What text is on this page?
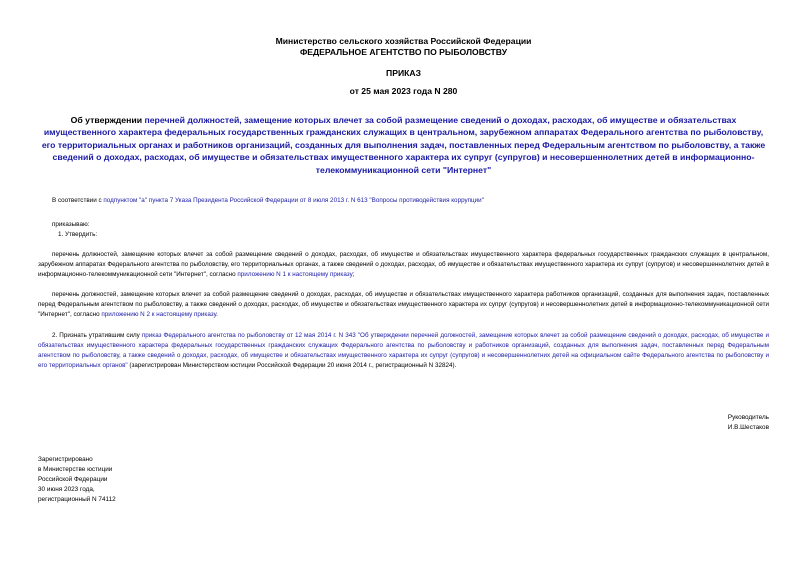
Министерство сельского хозяйства Российской Федерации
ФЕДЕРАЛЬНОЕ АГЕНТСТВО ПО РЫБОЛОВСТВУ
ПРИКАЗ
от 25 мая 2023 года N 280
Об утверждении перечней должностей, замещение которых влечет за собой размещение сведений о доходах, расходах, об имуществе и обязательствах имущественного характера федеральных государственных гражданских служащих в центральном, зарубежном аппаратах Федерального агентства по рыболовству, его территориальных органах и работников организаций, созданных для выполнения задач, поставленных перед Федеральным агентством по рыболовству, а также сведений о доходах, расходах, об имуществе и обязательствах имущественного характера их супруг (супругов) и несовершеннолетних детей в информационно-телекоммуникационной сети "Интернет"
В соответствии с подпунктом "а" пункта 7 Указа Президента Российской Федерации от 8 июля 2013 г. N 613 "Вопросы противодействия коррупции"
приказываю:
1. Утвердить:
перечень должностей, замещение которых влечет за собой размещение сведений о доходах, расходах, об имуществе и обязательствах имущественного характера федеральных государственных гражданских служащих в центральном, зарубежном аппаратах Федерального агентства по рыболовству, его территориальных органах, а также сведений о доходах, расходах, об имуществе и обязательствах имущественного характера их супруг (супругов) и несовершеннолетних детей в информационно-телекоммуникационной сети "Интернет", согласно приложению N 1 к настоящему приказу;
перечень должностей, замещение которых влечет за собой размещение сведений о доходах, расходах, об имуществе и обязательствах имущественного характера работников организаций, созданных для выполнения задач, поставленных перед Федеральным агентством по рыболовству, а также сведений о доходах, расходах, об имуществе и обязательствах имущественного характера их супруг (супругов) и несовершеннолетних детей в информационно-телекоммуникационной сети "Интернет", согласно приложению N 2 к настоящему приказу.
2. Признать утратившим силу приказ Федерального агентства по рыболовству от 12 мая 2014 г. N 343 "Об утверждении перечней должностей, замещение которых влечет за собой размещение сведений о доходах, расходах, об имуществе и обязательствах имущественного характера федеральных государственных гражданских служащих Федерального агентства по рыболовству и работников организаций, созданных для выполнения задач, поставленных перед Федеральным агентством по рыболовству, а также сведений о доходах, расходах, об имуществе и обязательствах имущественного характера их супруг (супругов) и несовершеннолетних детей на официальном сайте Федерального агентства по рыболовству и его территориальных органов" (зарегистрирован Министерством юстиции Российской Федерации 20 июня 2014 г., регистрационный N 32824).
Руководитель
И.В.Шестаков
Зарегистрировано
в Министерстве юстиции
Российской Федерации
30 июня 2023 года,
регистрационный N 74112
